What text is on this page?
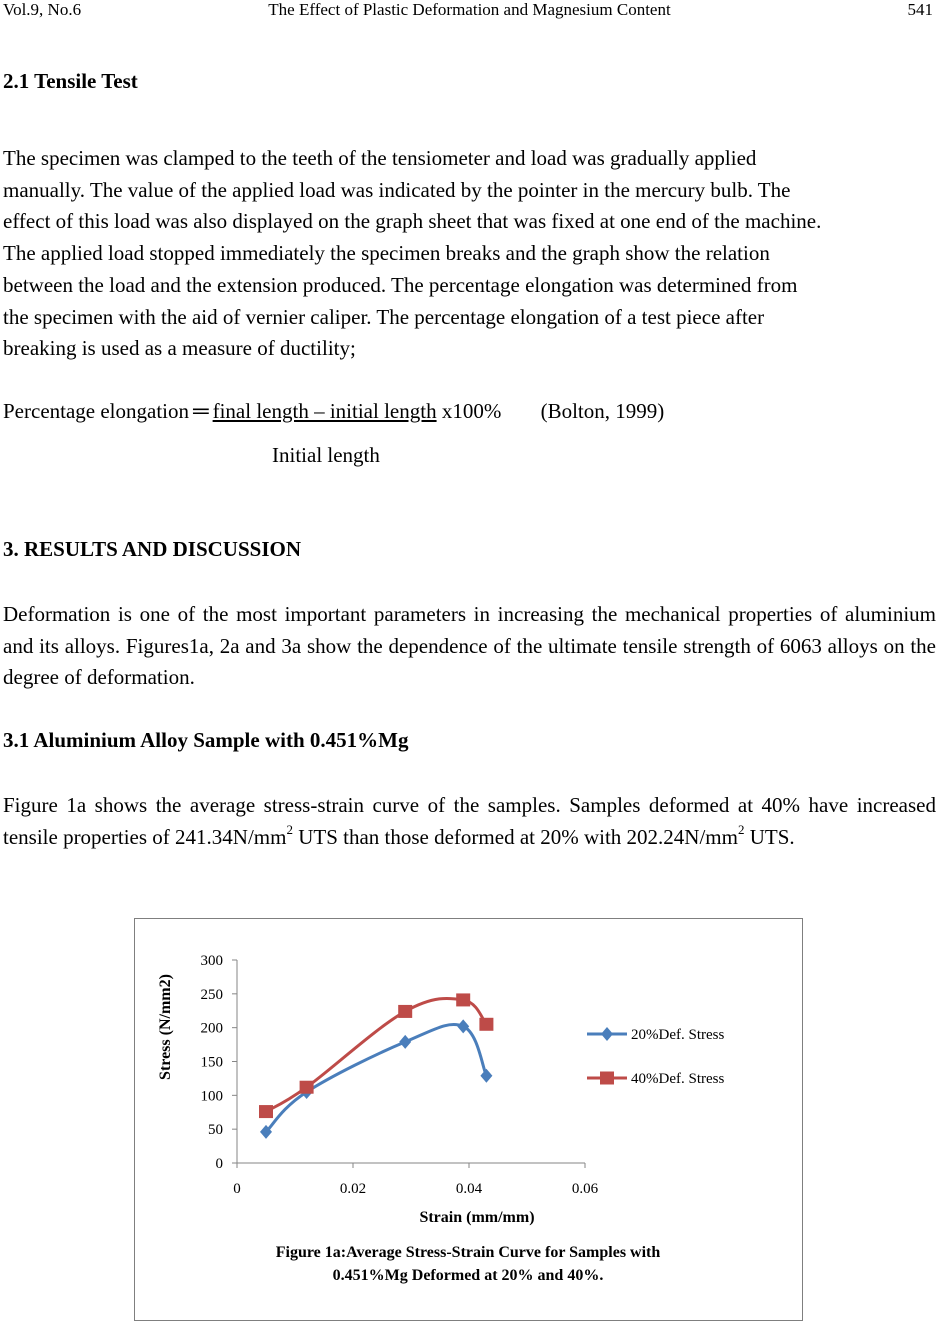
Vol.9, No.6	The Effect of Plastic Deformation and Magnesium Content	541
2.1 Tensile Test
The specimen was clamped to the teeth of the tensiometer and load was gradually applied
manually. The value of the applied load was indicated by the pointer in the mercury bulb. The
effect of this load was also displayed on the graph sheet that was fixed at one end of the machine.
The applied load stopped immediately the specimen breaks and the graph show the relation
between the load and the extension produced. The percentage elongation was determined from
the specimen with the aid of vernier caliper. The percentage elongation of a test piece after
breaking is used as a measure of ductility;
Percentage elongation ═ final length – initial length x100% (Bolton, 1999)
Initial length
3. RESULTS AND DISCUSSION
Deformation is one of the most important parameters in increasing the mechanical properties of aluminium and its alloys. Figures1a, 2a and 3a show the dependence of the ultimate tensile strength of 6063 alloys on the degree of deformation.
3.1 Aluminium Alloy Sample with 0.451%Mg
Figure 1a shows the average stress-strain curve of the samples. Samples deformed at 40% have increased tensile properties of $241.34N/mm^2$ UTS than those deformed at 20% with $202.24N/mm^2$ UTS.
0
50
100
150
200
250
300
0	0.02	0.04	0.06
20%Def. Stress
40%Def. Stress
Strain (mm/mm)
Stress (N/mm2)
Figure 1a:Average Stress-Strain Curve for Samples with
0.451%Mg Deformed at 20% and 40%.
